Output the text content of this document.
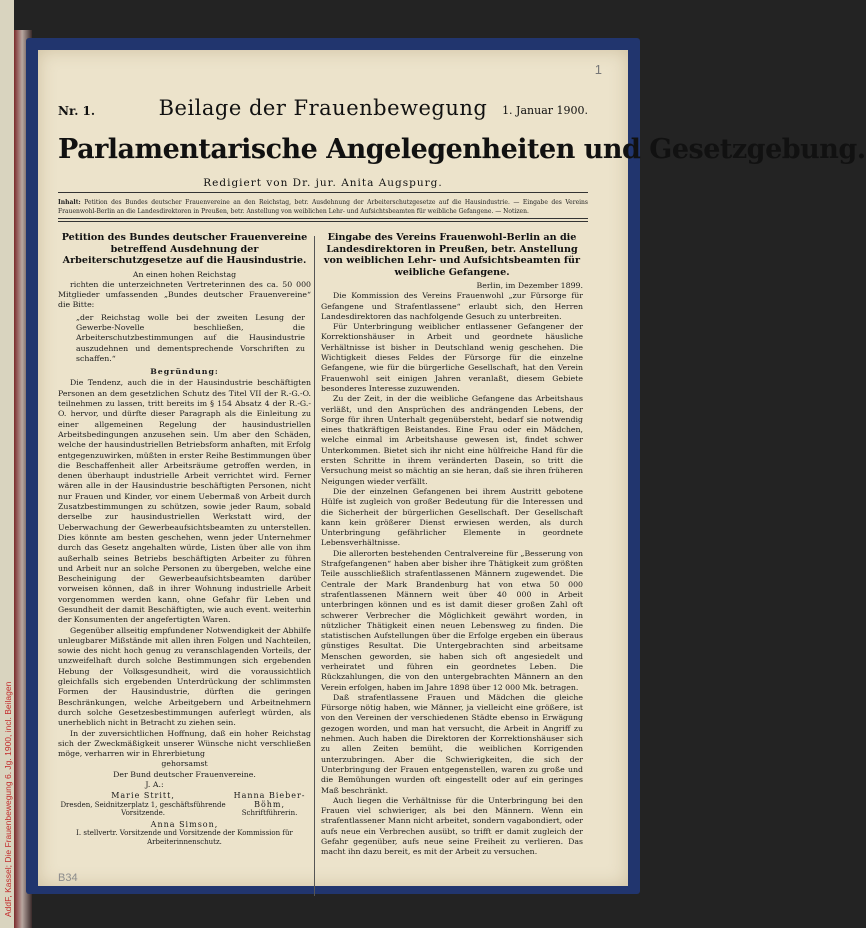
AddF, Kassel; Die Frauenbewegung 6. Jg. 1900, incl. Beilagen
1
Nr. 1.	Beilage der Frauenbewegung	1. Januar 1900.
Parlamentarische Angelegenheiten und Gesetzgebung.
Redigiert von Dr. jur. Anita Augspurg.
Inhalt: Petition des Bundes deutscher Frauenvereine an den Reichstag, betr. Ausdehnung der Arbeiterschutzgesetze auf die Hausindustrie. — Eingabe des Vereins Frauenwohl-Berlin an die Landesdirektoren in Preußen, betr. Anstellung von weiblichen Lehr- und Aufsichtsbeamten für weibliche Gefangene. — Notizen.
Petition des Bundes deutscher Frauenvereine betreffend Ausdehnung der Arbeiterschutzgesetze auf die Hausindustrie.

An einen hohen Reichstag

richten die unterzeichneten Vertreterinnen des ca. 50 000 Mitglieder umfassenden „Bundes deutscher Frauenvereine“ die Bitte:

„der Reichstag wolle bei der zweiten Lesung der Gewerbe-Novelle beschließen, die Arbeiterschutzbestimmungen auf die Hausindustrie auszudehnen und dementsprechende Vorschriften zu schaffen.“

Begründung:

Die Tendenz, auch die in der Hausindustrie beschäftigten Personen an dem gesetzlichen Schutz des Titel VII der R.-G.-O. teilnehmen zu lassen, tritt bereits im § 154 Absatz 4 der R.-G.-O. hervor, und dürfte dieser Paragraph als die Einleitung zu einer allgemeinen Regelung der hausindustriellen Arbeitsbedingungen anzusehen sein. Um aber den Schäden, welche der hausindustriellen Betriebsform anhaften, mit Erfolg entgegenzuwirken, müßten in erster Reihe Bestimmungen über die Beschaffenheit aller Arbeitsräume getroffen werden, in denen überhaupt industrielle Arbeit verrichtet wird. Ferner wären alle in der Hausindustrie beschäftigten Personen, nicht nur Frauen und Kinder, vor einem Uebermaß von Arbeit durch Zusatzbestimmungen zu schützen, sowie jeder Raum, sobald derselbe zur hausindustriellen Werkstatt wird, der Ueberwachung der Gewerbeaufsichtsbeamten zu unterstellen. Dies könnte am besten geschehen, wenn jeder Unternehmer durch das Gesetz angehalten würde, Listen über alle von ihm außerhalb seines Betriebs beschäftigten Arbeiter zu führen und Arbeit nur an solche Personen zu übergeben, welche eine Bescheinigung der Gewerbeaufsichtsbeamten darüber vorweisen können, daß in ihrer Wohnung industrielle Arbeit vorgenommen werden kann, ohne Gefahr für Leben und Gesundheit der damit Beschäftigten, wie auch event. weiterhin der Konsumenten der angefertigten Waren.

Gegenüber allseitig empfundener Notwendigkeit der Abhilfe unleugbarer Mißstände mit allen ihren Folgen und Nachteilen, sowie des nicht hoch genug zu veranschlagenden Vorteils, der unzweifelhaft durch solche Bestimmungen sich ergebenden Hebung der Volksgesundheit, wird die voraussichtlich gleichfalls sich ergebenden Unterdrückung der schlimmsten Formen der Hausindustrie, dürften die geringen Beschränkungen, welche Arbeitgebern und Arbeitnehmern durch solche Gesetzesbestimmungen auferlegt würden, als unerheblich nicht in Betracht zu ziehen sein.

In der zuversichtlichen Hoffnung, daß ein hoher Reichstag sich der Zweckmäßigkeit unserer Wünsche nicht verschließen möge, verharren wir in Ehrerbietung

gehorsamst

Der Bund deutscher Frauenvereine.

J. A.:

Marie Stritt,
Dresden, Seidnitzerplatz 1, geschäftsführende Vorsitzende.
Hanna Bieber-Böhm,
Schriftführerin.
Anna Simson,
I. stellvertr. Vorsitzende und Vorsitzende der Kommission für Arbeiterinnenschutz.
Eingabe des Vereins Frauenwohl-Berlin an die Landesdirektoren in Preußen, betr. Anstellung von weiblichen Lehr- und Aufsichtsbeamten für weibliche Gefangene.

Berlin, im Dezember 1899.

Die Kommission des Vereins Frauenwohl „zur Fürsorge für Gefangene und Strafentlassene“ erlaubt sich, den Herren Landesdirektoren das nachfolgende Gesuch zu unterbreiten.

Für Unterbringung weiblicher entlassener Gefangener der Korrektionshäuser in Arbeit und geordnete häusliche Verhältnisse ist bisher in Deutschland wenig geschehen. Die Wichtigkeit dieses Feldes der Fürsorge für die einzelne Gefangene, wie für die bürgerliche Gesellschaft, hat den Verein Frauenwohl seit einigen Jahren veranlaßt, diesem Gebiete besonderes Interesse zuzuwenden.

Zu der Zeit, in der die weibliche Gefangene das Arbeitshaus verläßt, und den Ansprüchen des andrängenden Lebens, der Sorge für ihren Unterhalt gegenübersteht, bedarf sie notwendig eines thatkräftigen Beistandes. Eine Frau oder ein Mädchen, welche einmal im Arbeitshause gewesen ist, findet schwer Unterkommen. Bietet sich ihr nicht eine hülfreiche Hand für die ersten Schritte in ihrem veränderten Dasein, so tritt die Versuchung meist so mächtig an sie heran, daß sie ihren früheren Neigungen wieder verfällt.

Die der einzelnen Gefangenen bei ihrem Austritt gebotene Hülfe ist zugleich von großer Bedeutung für die Interessen und die Sicherheit der bürgerlichen Gesellschaft. Der Gesellschaft kann kein größerer Dienst erwiesen werden, als durch Unterbringung gefährlicher Elemente in geordnete Lebensverhältnisse.

Die allerorten bestehenden Centralvereine für „Besserung von Strafgefangenen“ haben aber bisher ihre Thätigkeit zum größten Teile ausschließlich strafentlassenen Männern zugewendet. Die Centrale der Mark Brandenburg hat von etwa 50 000 strafentlassenen Männern weit über 40 000 in Arbeit unterbringen können und es ist damit dieser großen Zahl oft schwerer Verbrecher die Möglichkeit gewährt worden, in nützlicher Thätigkeit einen neuen Lebensweg zu finden. Die statistischen Aufstellungen über die Erfolge ergeben ein überaus günstiges Resultat. Die Untergebrachten sind arbeitsame Menschen geworden, sie haben sich oft angesiedelt und verheiratet und führen ein geordnetes Leben. Die Rückzahlungen, die von den untergebrachten Männern an den Verein erfolgen, haben im Jahre 1898 über 12 000 Mk. betragen.

Daß strafentlassene Frauen und Mädchen die gleiche Fürsorge nötig haben, wie Männer, ja vielleicht eine größere, ist von den Vereinen der verschiedenen Städte ebenso in Erwägung gezogen worden, und man hat versucht, die Arbeit in Angriff zu nehmen. Auch haben die Direktoren der Korrektionshäuser sich zu allen Zeiten bemüht, die weiblichen Korrigenden unterzubringen. Aber die Schwierigkeiten, die sich der Unterbringung der Frauen entgegenstellen, waren zu große und die Bemühungen wurden oft eingestellt oder auf ein geringes Maß beschränkt.

Auch liegen die Verhältnisse für die Unterbringung bei den Frauen viel schwieriger, als bei den Männern. Wenn ein strafentlassener Mann nicht arbeitet, sondern vagabondiert, oder aufs neue ein Verbrechen ausübt, so trifft er damit zugleich der Gefahr gegenüber, aufs neue seine Freiheit zu verlieren. Das macht ihn dazu bereit, es mit der Arbeit zu versuchen.

B34
